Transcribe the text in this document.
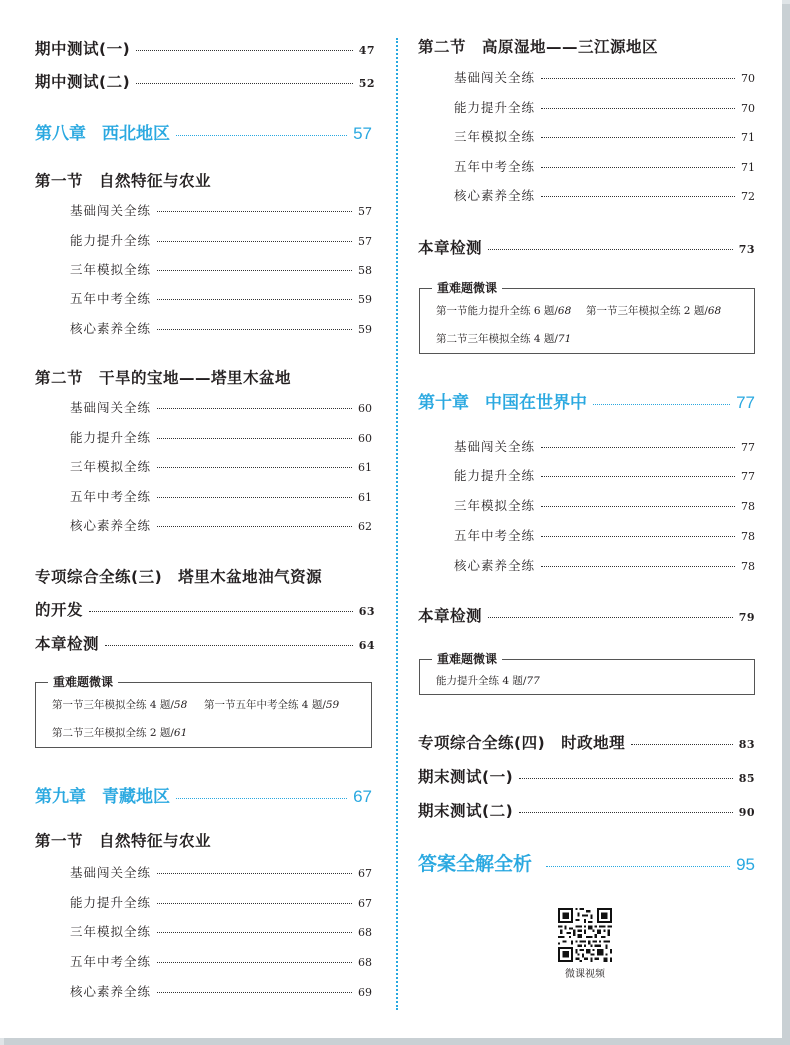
期中测试(一)	47
期中测试(二)	52
第八章 西北地区	57
第一节 自然特征与农业
基础闯关全练	57
能力提升全练	57
三年模拟全练	58
五年中考全练	59
核心素养全练	59
第二节 干旱的宝地——塔里木盆地
基础闯关全练	60
能力提升全练	60
三年模拟全练	61
五年中考全练	61
核心素养全练	62
专项综合全练(三) 塔里木盆地油气资源
的开发	63
本章检测	64
重难题微课
第一节三年模拟全练 4 题/58 第一节五年中考全练 4 题/59
第二节三年模拟全练 2 题/61
第九章 青藏地区	67
第一节 自然特征与农业
基础闯关全练	67
能力提升全练	67
三年模拟全练	68
五年中考全练	68
核心素养全练	69
第二节 高原湿地——三江源地区
基础闯关全练	70
能力提升全练	70
三年模拟全练	71
五年中考全练	71
核心素养全练	72
本章检测	73
重难题微课
第一节能力提升全练 6 题/68 第一节三年模拟全练 2 题/68
第二节三年模拟全练 4 题/71
第十章 中国在世界中	77
基础闯关全练	77
能力提升全练	77
三年模拟全练	78
五年中考全练	78
核心素养全练	78
本章检测	79
重难题微课
能力提升全练 4 题/77
专项综合全练(四) 时政地理	83
期末测试(一)	85
期末测试(二)	90
答案全解全析	95
微课视频
